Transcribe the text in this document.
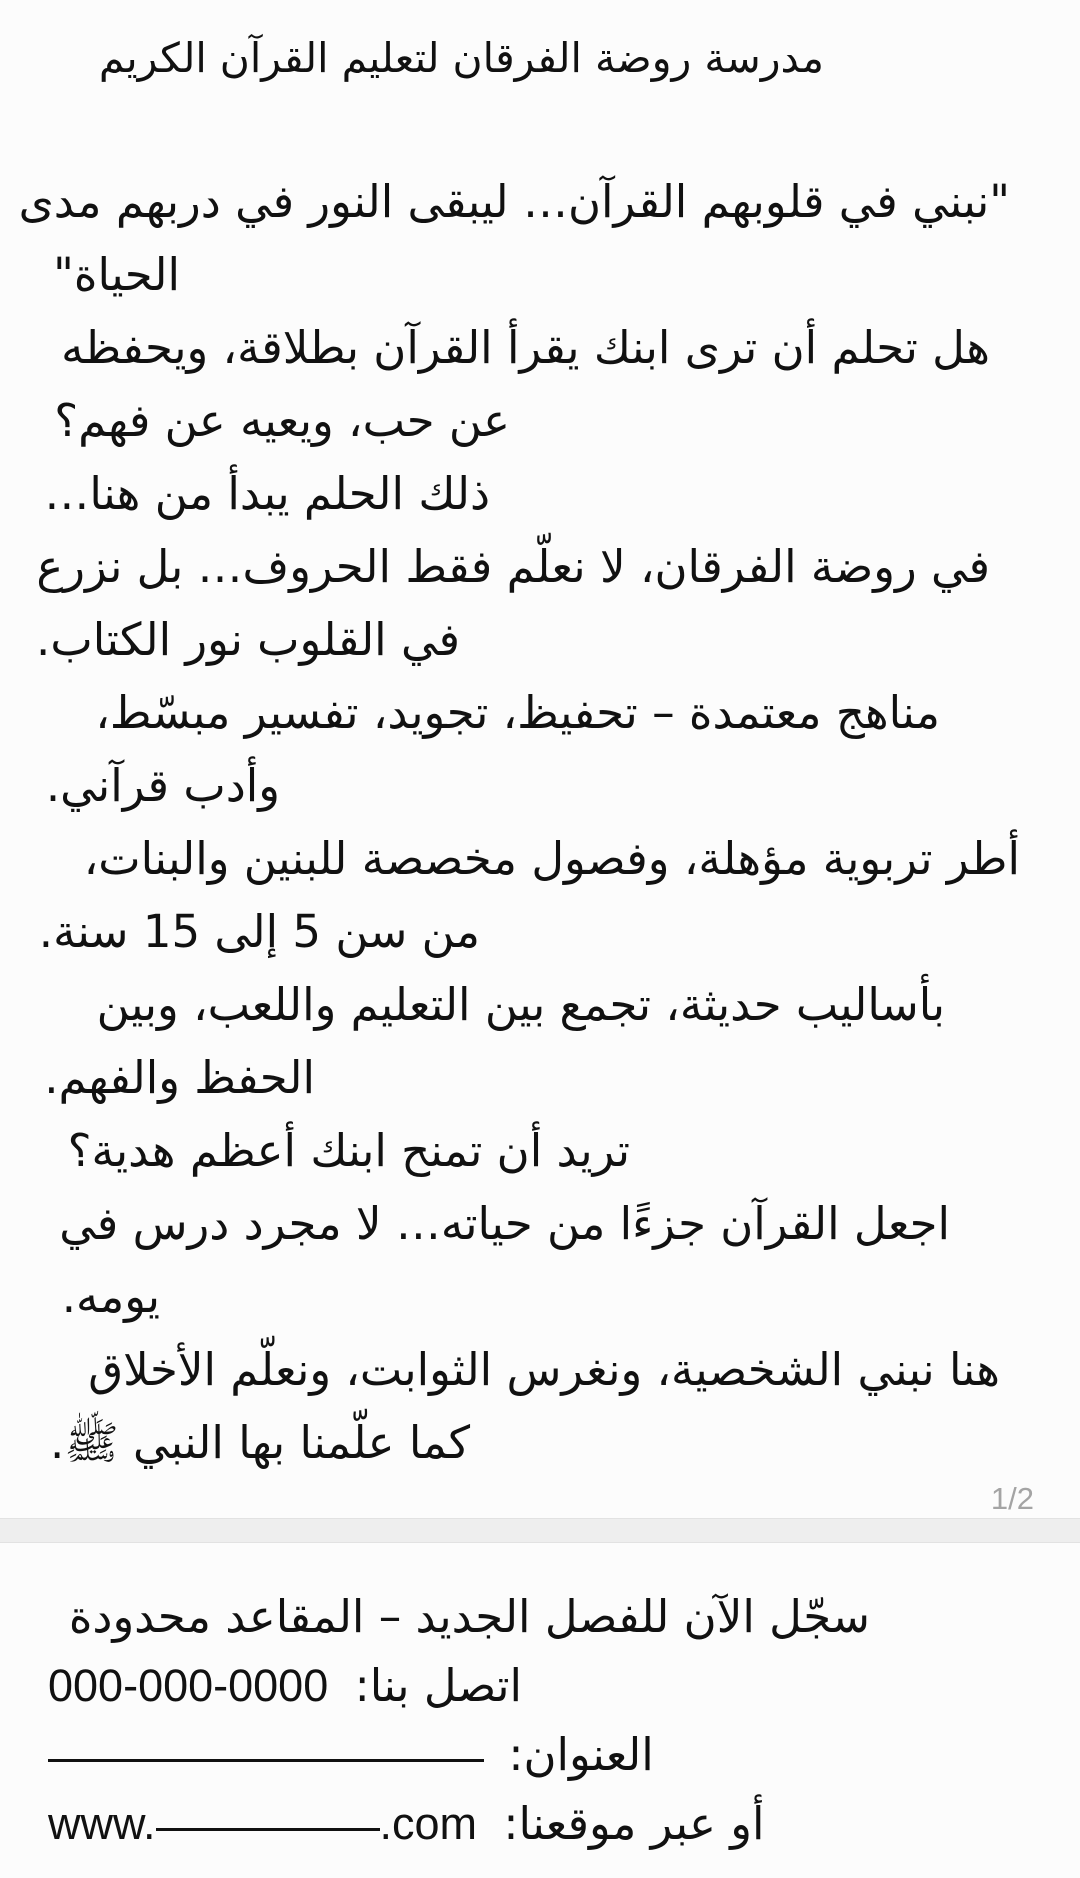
مدرسة روضة الفرقان لتعليم القرآن الكريم
"نبني في قلوبهم القرآن… ليبقى النور في دربهم مدى
الحياة"
هل تحلم أن ترى ابنك يقرأ القرآن بطلاقة، ويحفظه
عن حب، ويعيه عن فهم؟
ذلك الحلم يبدأ من هنا…
في روضة الفرقان، لا نعلّم فقط الحروف… بل نزرع
في القلوب نور الكتاب.
مناهج معتمدة – تحفيظ، تجويد، تفسير مبسّط،
وأدب قرآني.
أطر تربوية مؤهلة، وفصول مخصصة للبنين والبنات،
من سن 5 إلى 15 سنة.
بأساليب حديثة، تجمع بين التعليم واللعب، وبين
الحفظ والفهم.
تريد أن تمنح ابنك أعظم هدية؟
اجعل القرآن جزءًا من حياته… لا مجرد درس في
يومه.
هنا نبني الشخصية، ونغرس الثوابت، ونعلّم الأخلاق
كما علّمنا بها النبي ﷺ.
1/2
سجّل الآن للفصل الجديد – المقاعد محدودة
000-000-0000 اتصل بنا:
العنوان:
www.	.com أو عبر موقعنا:
